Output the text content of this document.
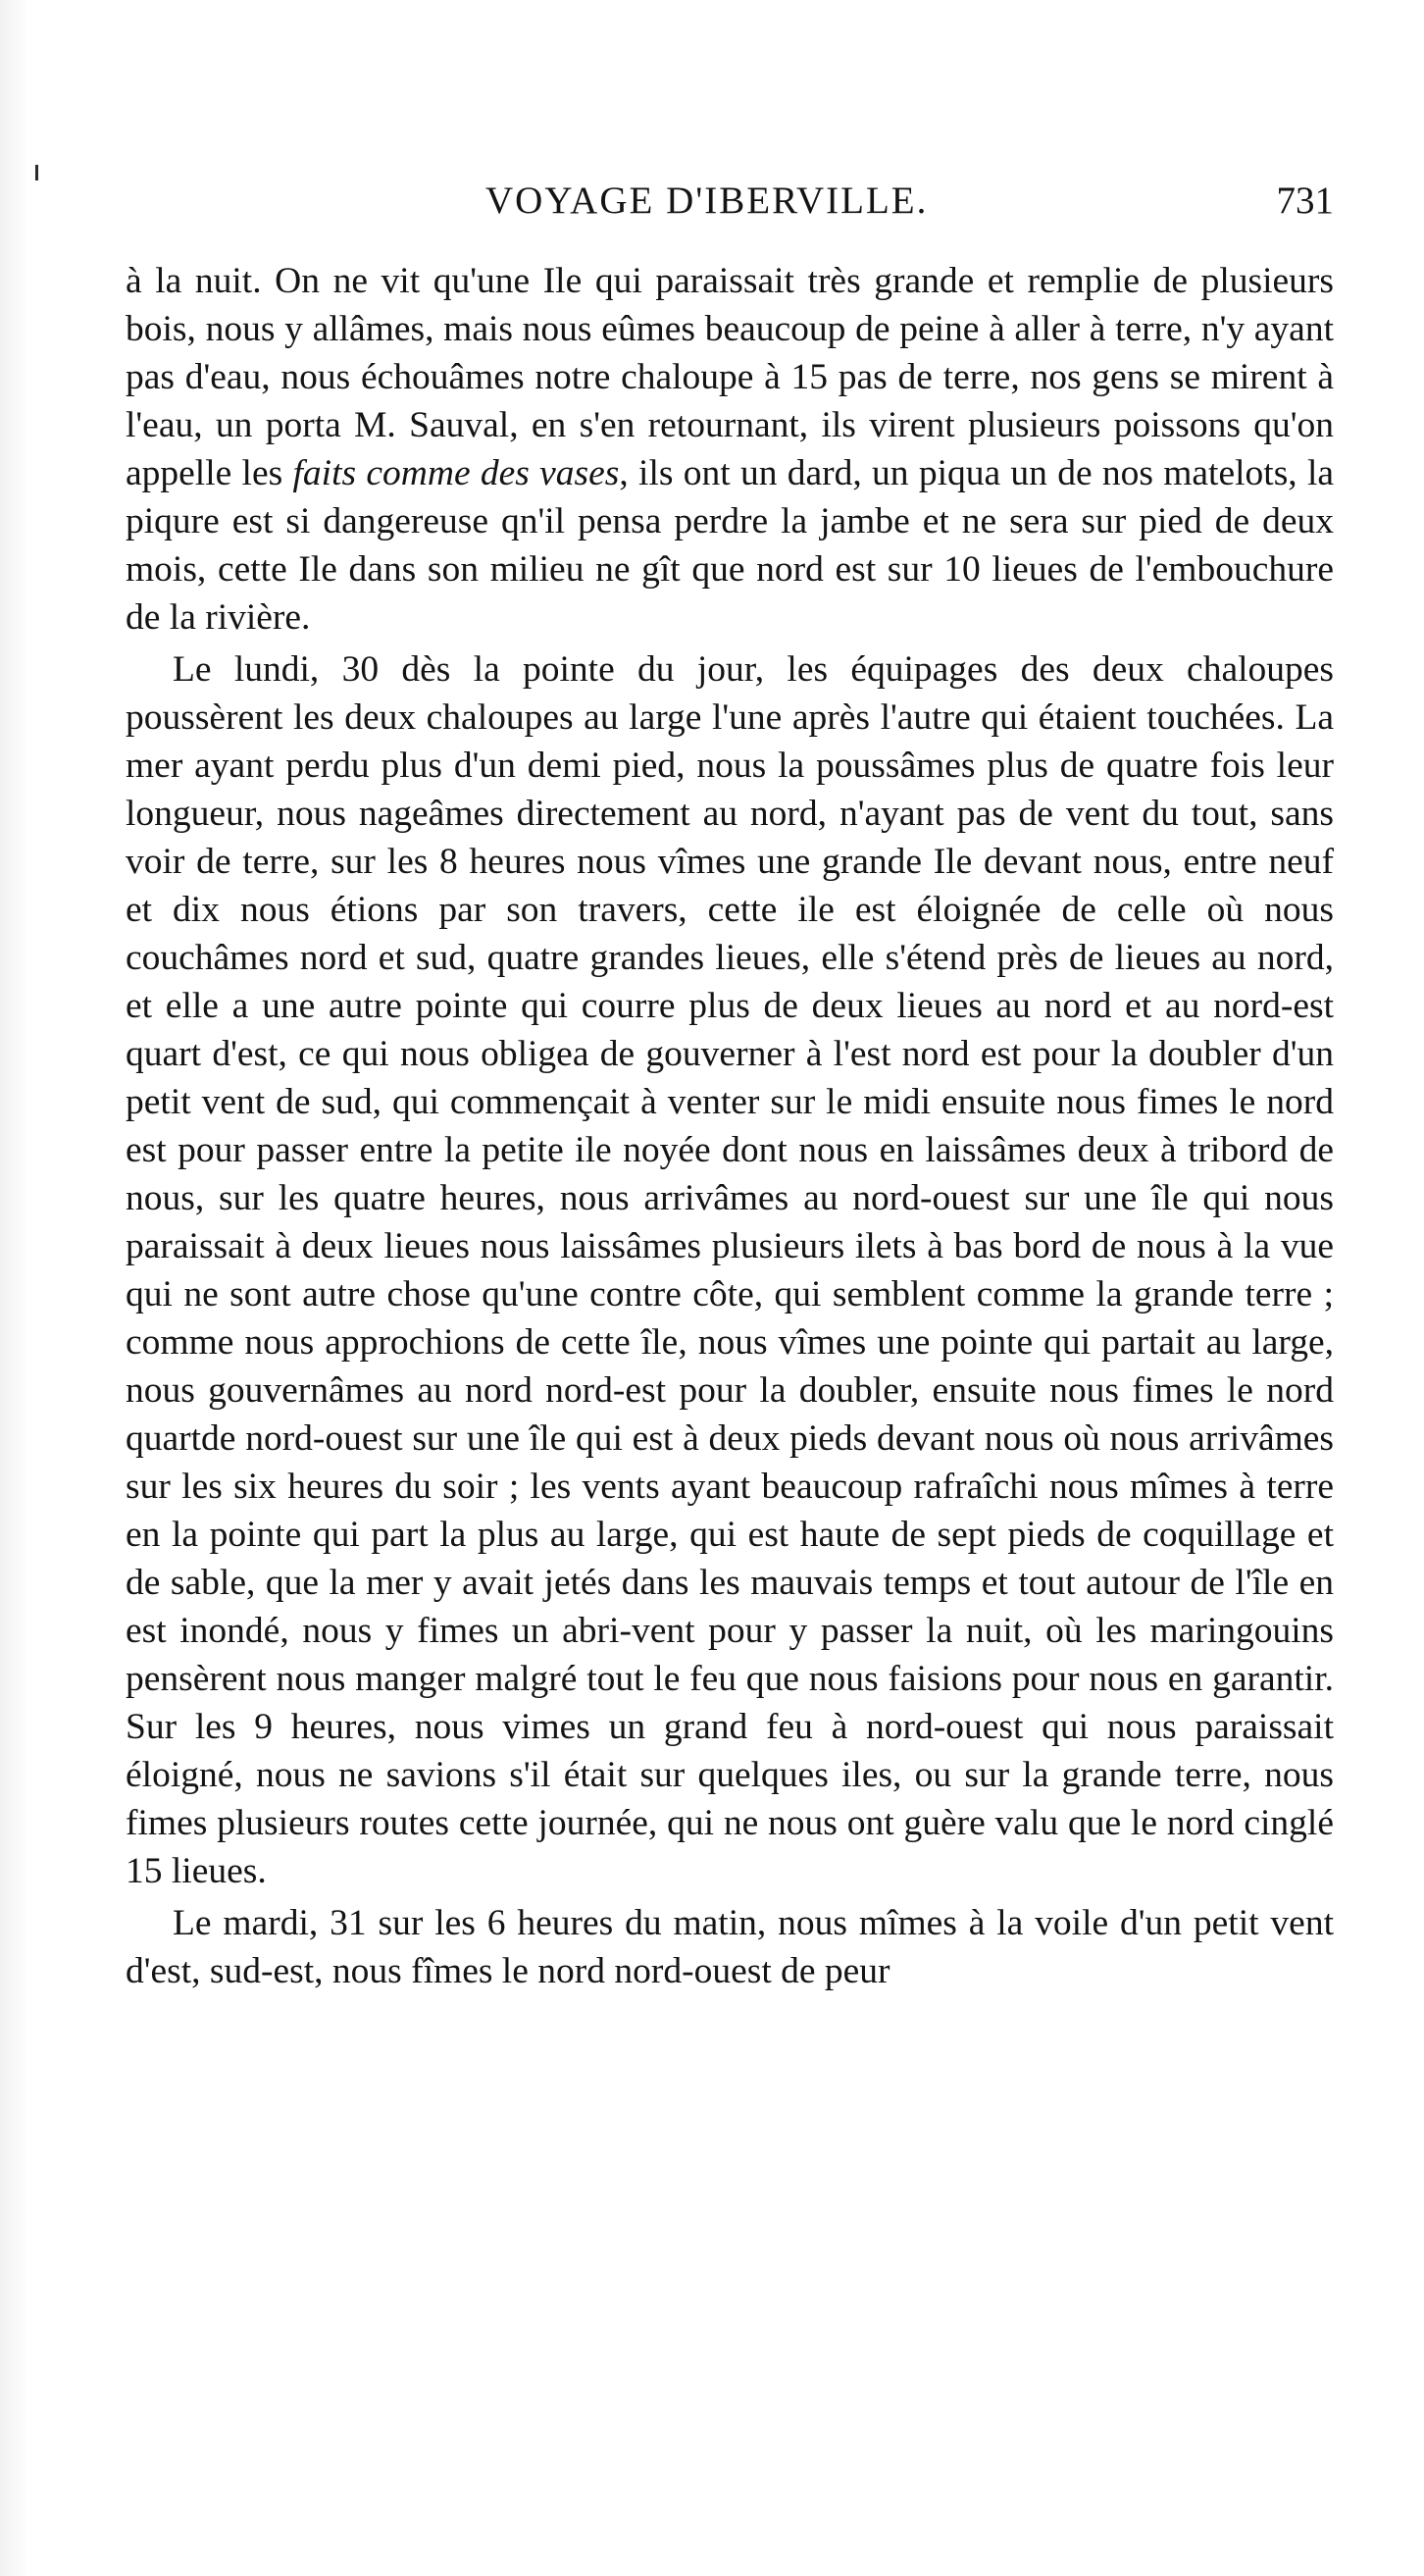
VOYAGE D'IBERVILLE.	731

à la nuit. On ne vit qu'une Ile qui paraissait très grande et remplie de plusieurs bois, nous y allâmes, mais nous eûmes beaucoup de peine à aller à terre, n'y ayant pas d'eau, nous échouâmes notre chaloupe à 15 pas de terre, nos gens se mirent à l'eau, un porta M. Sauval, en s'en retournant, ils virent plusieurs poissons qu'on appelle les faits comme des vases, ils ont un dard, un piqua un de nos matelots, la piqure est si dangereuse qn'il pensa perdre la jambe et ne sera sur pied de deux mois, cette Ile dans son milieu ne gît que nord est sur 10 lieues de l'embouchure de la rivière.

Le lundi, 30 dès la pointe du jour, les équipages des deux chaloupes poussèrent les deux chaloupes au large l'une après l'autre qui étaient touchées. La mer ayant perdu plus d'un demi pied, nous la poussâmes plus de quatre fois leur longueur, nous nageâmes directement au nord, n'ayant pas de vent du tout, sans voir de terre, sur les 8 heures nous vîmes une grande Ile devant nous, entre neuf et dix nous étions par son travers, cette ile est éloignée de celle où nous couchâmes nord et sud, quatre grandes lieues, elle s'étend près de lieues au nord, et elle a une autre pointe qui courre plus de deux lieues au nord et au nord-est quart d'est, ce qui nous obligea de gouverner à l'est nord est pour la doubler d'un petit vent de sud, qui commençait à venter sur le midi ensuite nous fimes le nord est pour passer entre la petite ile noyée dont nous en laissâmes deux à tribord de nous, sur les quatre heures, nous arrivâmes au nord-ouest sur une île qui nous paraissait à deux lieues nous laissâmes plusieurs ilets à bas bord de nous à la vue qui ne sont autre chose qu'une contre côte, qui semblent comme la grande terre ; comme nous approchions de cette île, nous vîmes une pointe qui partait au large, nous gouvernâmes au nord nord-est pour la doubler, ensuite nous fimes le nord quartde nord-ouest sur une île qui est à deux pieds devant nous où nous arrivâmes sur les six heures du soir ; les vents ayant beaucoup rafraîchi nous mîmes à terre en la pointe qui part la plus au large, qui est haute de sept pieds de coquillage et de sable, que la mer y avait jetés dans les mauvais temps et tout autour de l'île en est inondé, nous y fimes un abri-vent pour y passer la nuit, où les maringouins pensèrent nous manger malgré tout le feu que nous faisions pour nous en garantir. Sur les 9 heures, nous vimes un grand feu à nord-ouest qui nous paraissait éloigné, nous ne savions s'il était sur quelques iles, ou sur la grande terre, nous fimes plusieurs routes cette journée, qui ne nous ont guère valu que le nord cinglé 15 lieues.

Le mardi, 31 sur les 6 heures du matin, nous mîmes à la voile d'un petit vent d'est, sud-est, nous fîmes le nord nord-ouest de peur
